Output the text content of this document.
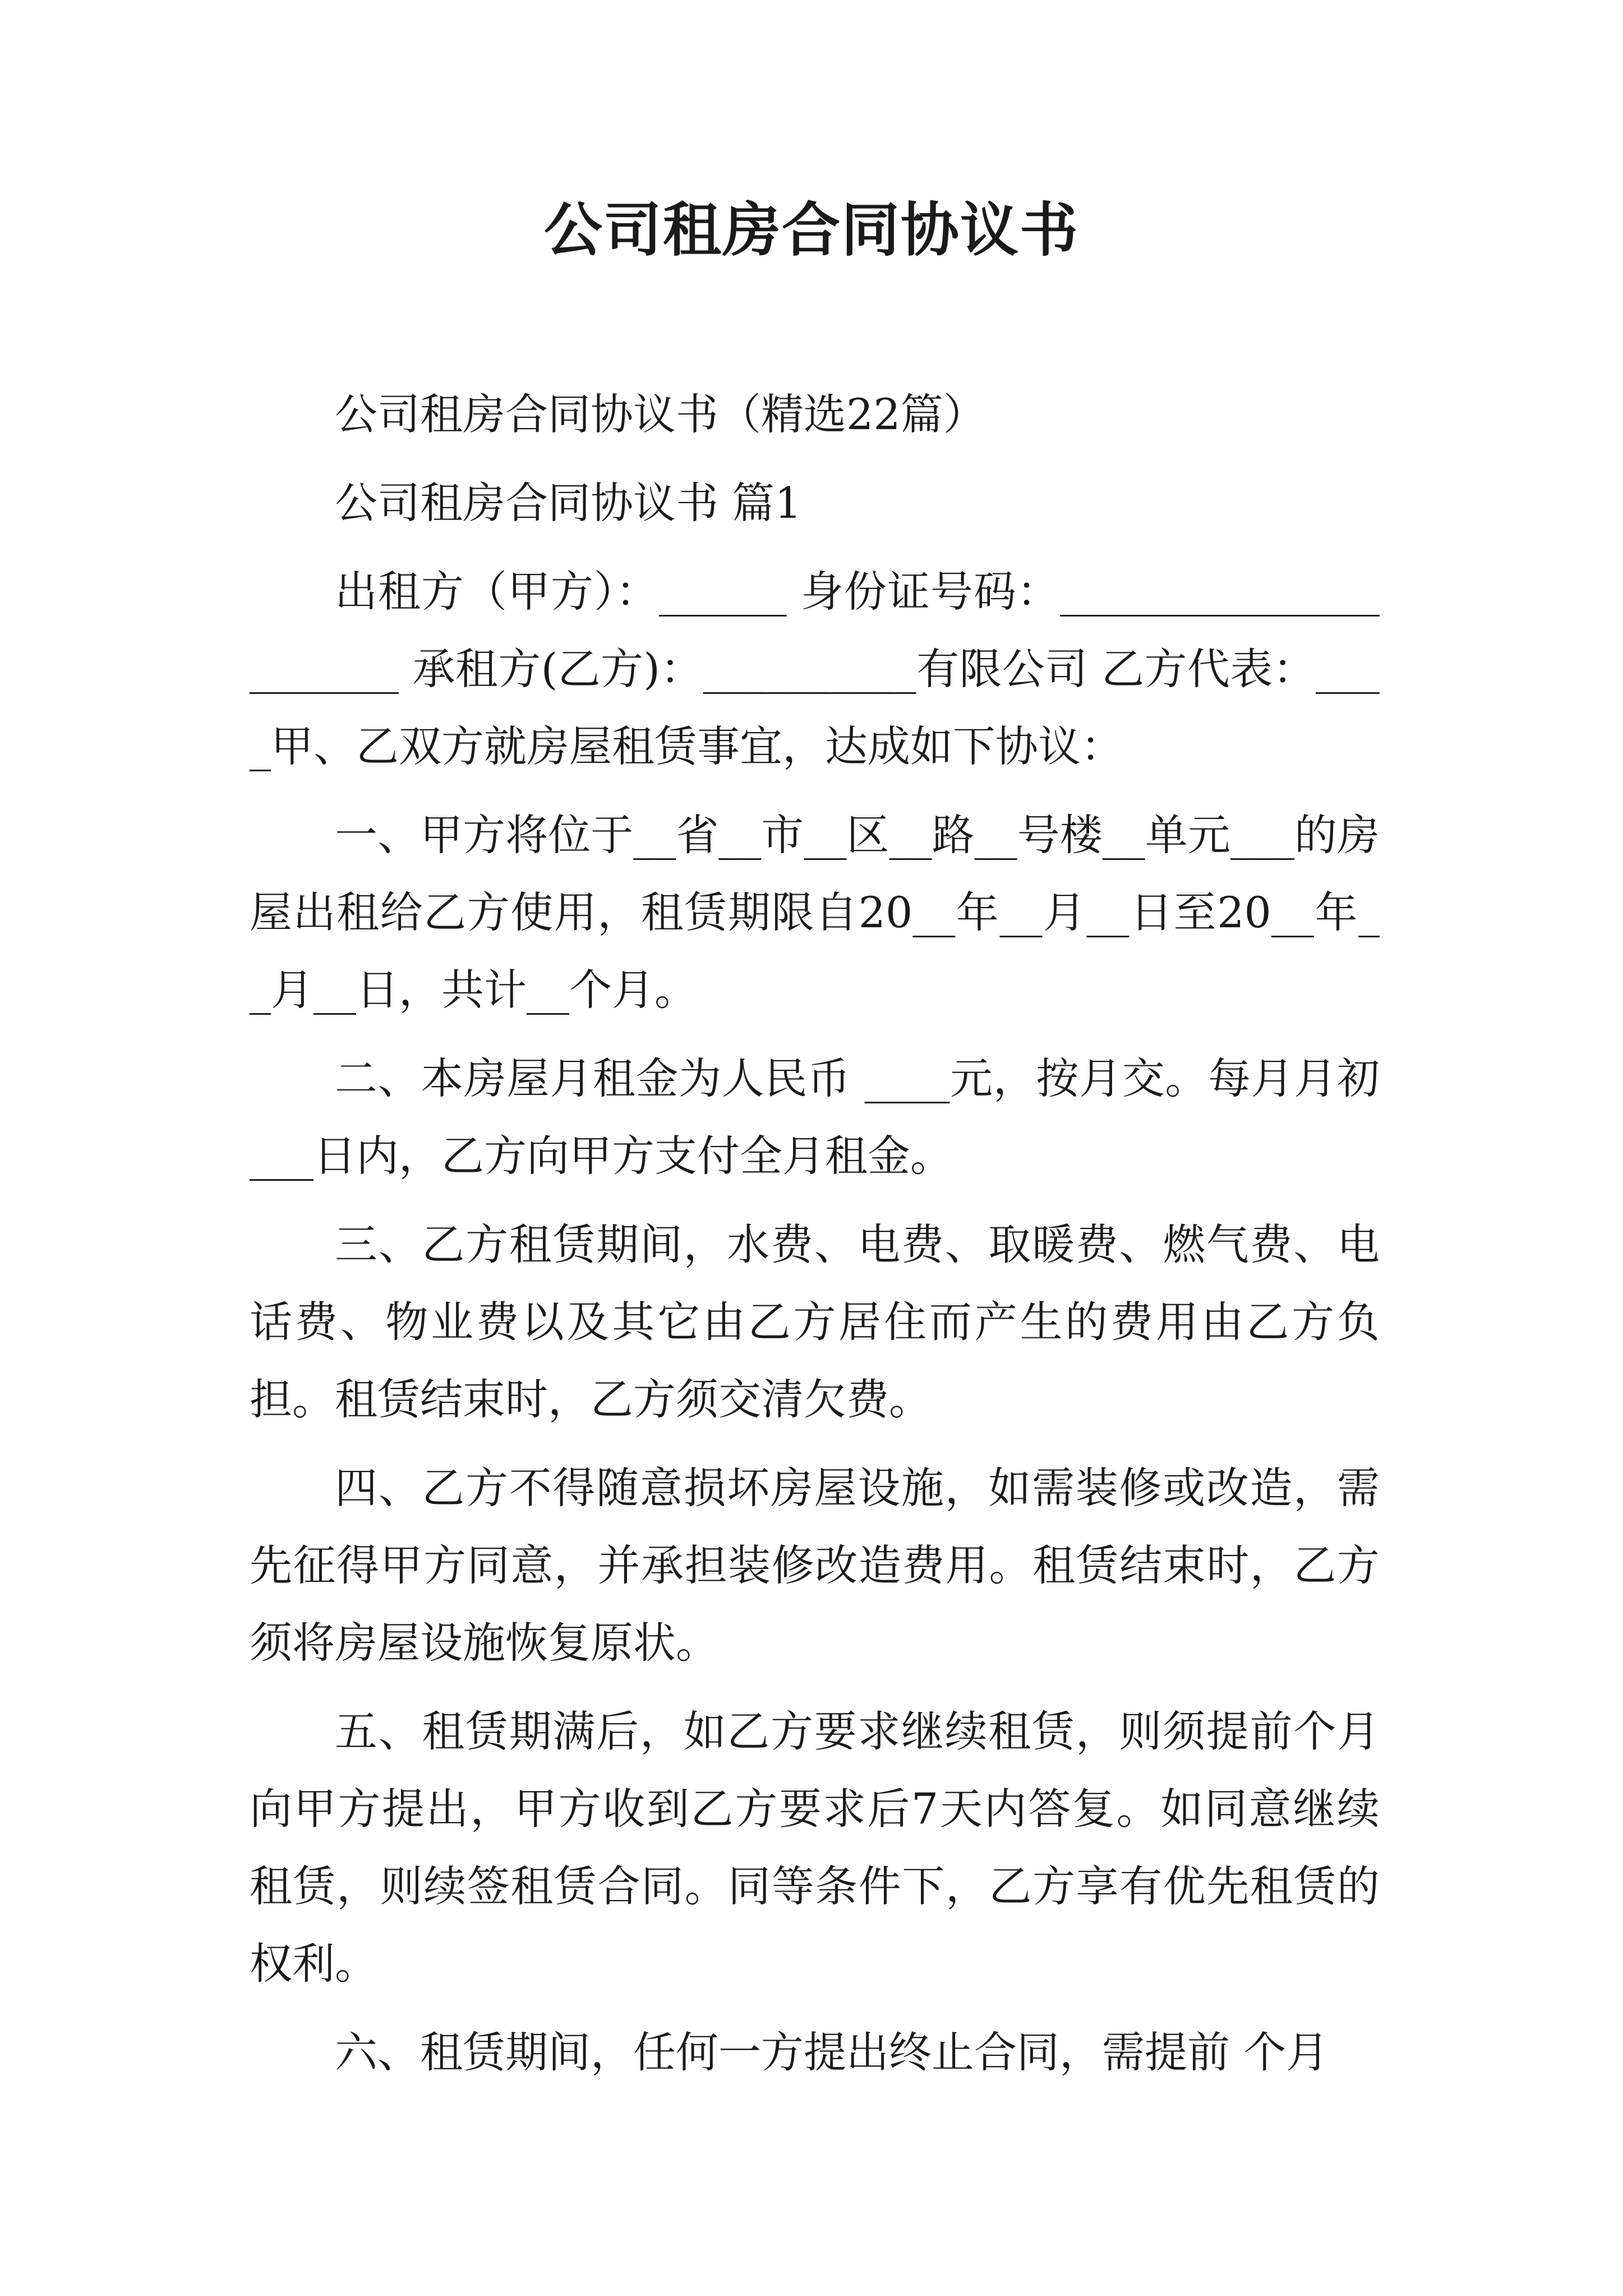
公司租房合同协议书

公司租房合同协议书（精选22篇）

公司租房合同协议书 篇1

出租方（甲方）：______ 身份证号码：______________________ 承租方(乙方)：__________有限公司 乙方代表：____甲、乙双方就房屋租赁事宜，达成如下协议：

一、甲方将位于__省__市__区__路__号楼__单元___的房屋出租给乙方使用，租赁期限自20__年__月__日至20__年__月__日，共计__个月。

二、本房屋月租金为人民币 ____元，按月交。每月月初___日内，乙方向甲方支付全月租金。

三、乙方租赁期间，水费、电费、取暖费、燃气费、电话费、物业费以及其它由乙方居住而产生的费用由乙方负担。租赁结束时，乙方须交清欠费。

四、乙方不得随意损坏房屋设施，如需装修或改造，需先征得甲方同意，并承担装修改造费用。租赁结束时，乙方须将房屋设施恢复原状。

五、租赁期满后，如乙方要求继续租赁，则须提前个月向甲方提出，甲方收到乙方要求后7天内答复。如同意继续租赁，则续签租赁合同。同等条件下，乙方享有优先租赁的权利。

六、租赁期间，任何一方提出终止合同，需提前 个月
